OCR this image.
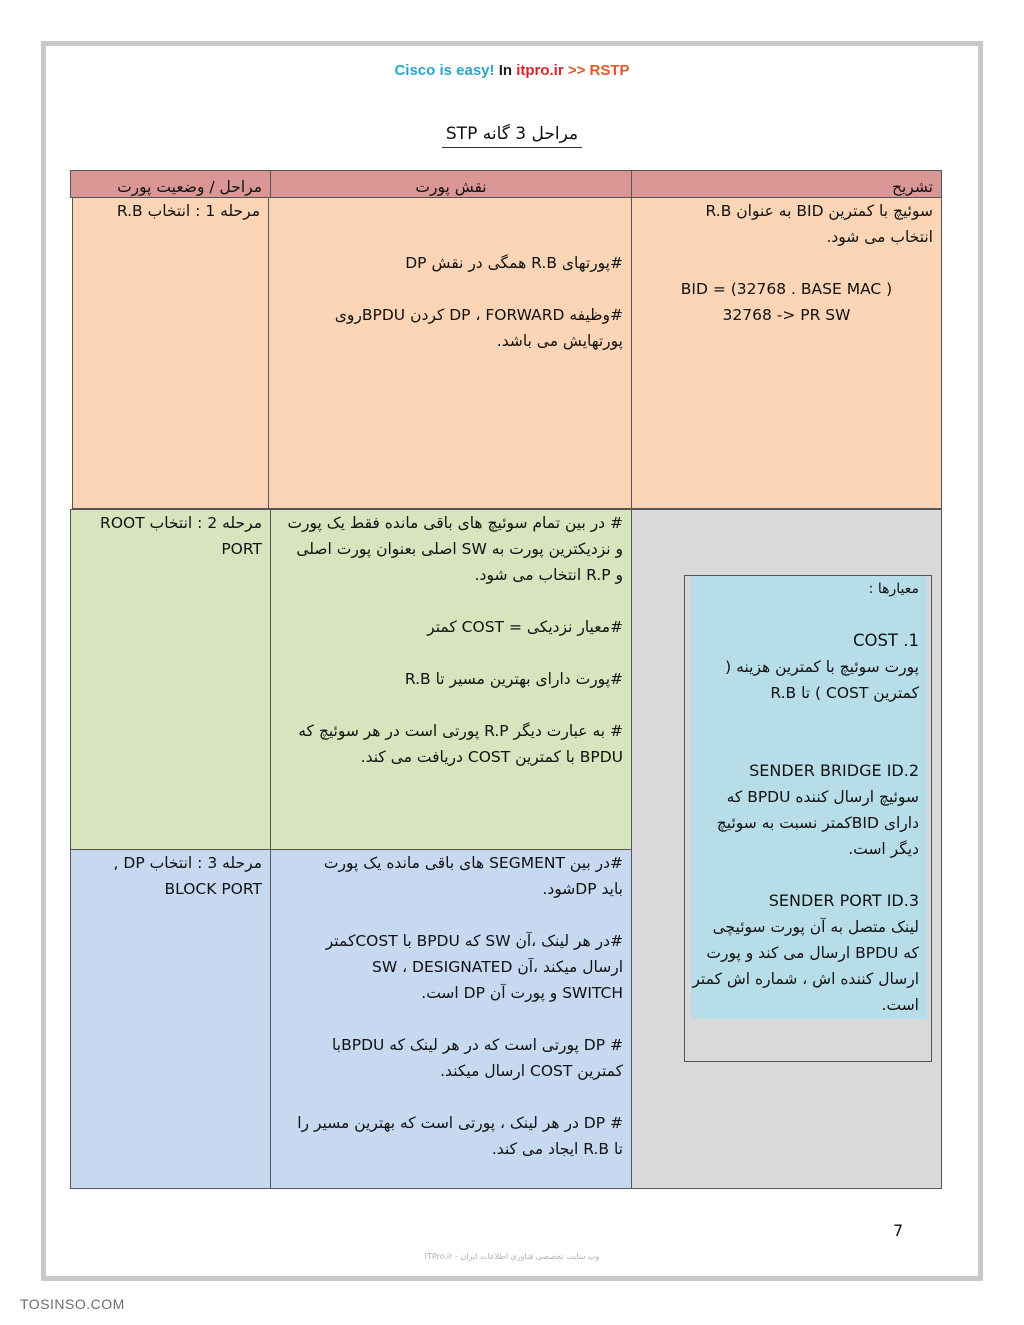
Cisco is easy! In itpro.ir >> RSTP
مراحل 3 گانه STP

مراحل / وضعیت پورت	نقش پورت	تشریح

مرحله 1 : انتخاب R.B

#پورتهای R.B همگی در نقش DP

#وظیفه DP ، FORWARD کردن BPDUروی

پورتهایش می باشد.

سوئیچ با کمترین BID به عنوان R.B

انتخاب می شود.

BID = (32768 . BASE MAC )

32768 -> PR SW

مرحله 2 : انتخاب ROOT

PORT

# در بین تمام سوئیچ های باقی مانده فقط یک پورت

و نزدیکترین پورت به SW اصلی بعنوان پورت اصلی

و R.P انتخاب می شود.

#معیار نزدیکی = COST کمتر

#پورت دارای بهترین مسیر تا R.B

# به عبارت دیگر R.P پورتی است در هر سوئیچ که

BPDU با کمترین COST دریافت می کند.

مرحله 3 : انتخاب DP ,

BLOCK PORT

#در بین SEGMENT های باقی مانده یک پورت

باید DPشود.

#در هر لینک ،آن SW که BPDU با COSTکمتر

ارسال میکند ،آن SW ، DESIGNATED

SWITCH و پورت آن DP است.

# DP پورتی است که در هر لینک که BPDUبا

کمترین COST ارسال میکند.

# DP در هر لینک ، پورتی است که بهترین مسیر را

تا R.B ایجاد می کند.

معیارها :

COST .1

پورت سوئیچ با کمترین هزینه (

کمترین COST ) تا R.B

SENDER BRIDGE ID.2

سوئیچ ارسال کننده BPDU که

دارای BIDکمتر نسبت به سوئیچ

دیگر است.

SENDER PORT ID.3

لینک متصل به آن پورت سوئیچی

که BPDU ارسال می کند و پورت

ارسال کننده اش ، شماره اش کمتر

است.

7
ITPro.ir - وب سایت تخصصی فناوری اطلاعات ایران
TOSINSO.COM
